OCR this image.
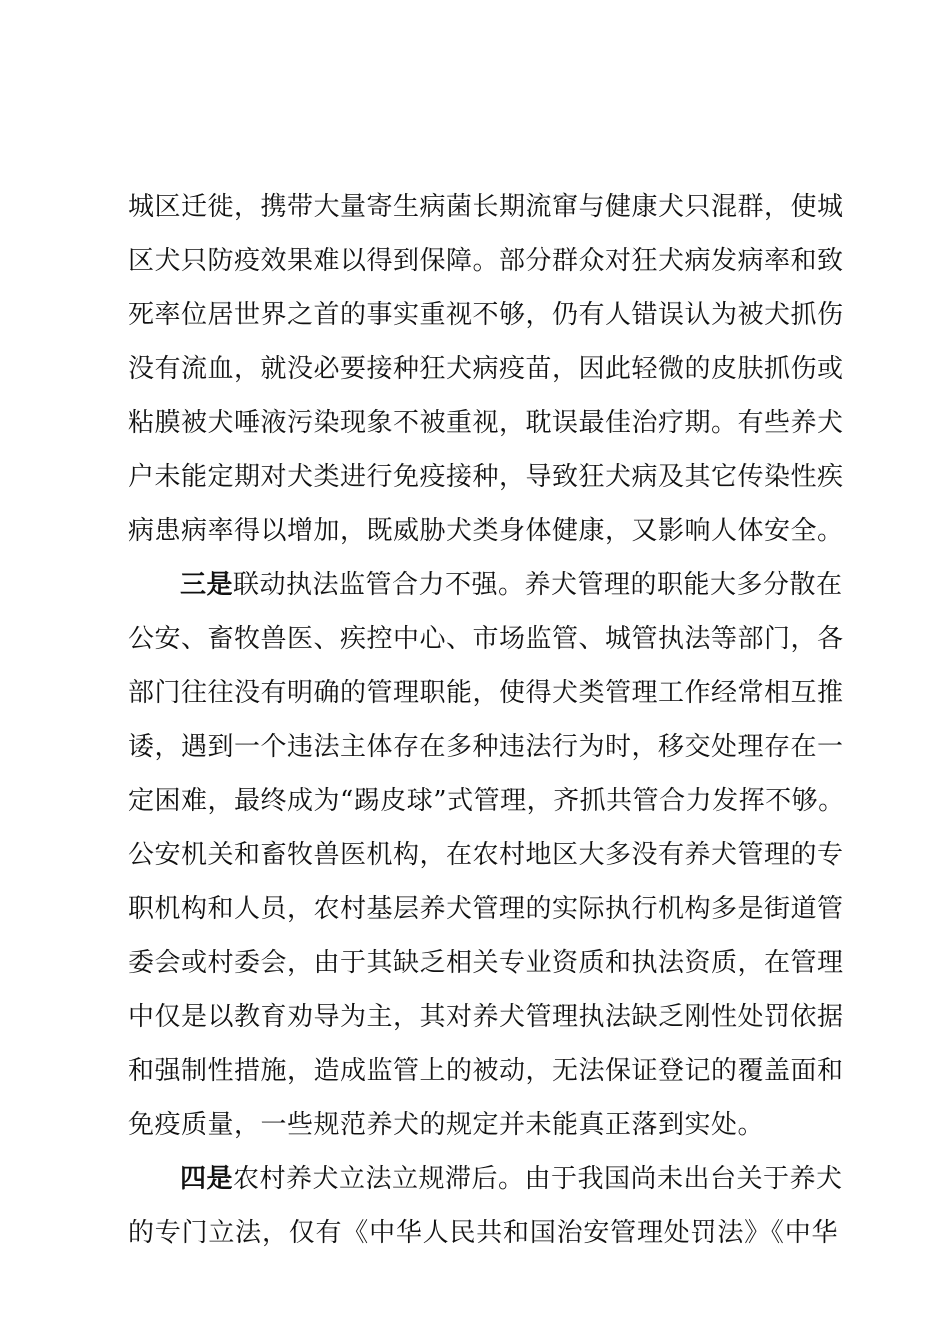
城区迁徙，携带大量寄生病菌长期流窜与健康犬只混群，使城
区犬只防疫效果难以得到保障。部分群众对狂犬病发病率和致
死率位居世界之首的事实重视不够，仍有人错误认为被犬抓伤
没有流血，就没必要接种狂犬病疫苗，因此轻微的皮肤抓伤或
粘膜被犬唾液污染现象不被重视，耽误最佳治疗期。有些养犬
户未能定期对犬类进行免疫接种，导致狂犬病及其它传染性疾
病患病率得以增加，既威胁犬类身体健康，又影响人体安全。
三是联动执法监管合力不强。养犬管理的职能大多分散在
公安、畜牧兽医、疾控中心、市场监管、城管执法等部门，各
部门往往没有明确的管理职能，使得犬类管理工作经常相互推
诿，遇到一个违法主体存在多种违法行为时，移交处理存在一
定困难，最终成为“踢皮球”式管理，齐抓共管合力发挥不够。
公安机关和畜牧兽医机构，在农村地区大多没有养犬管理的专
职机构和人员，农村基层养犬管理的实际执行机构多是街道管
委会或村委会，由于其缺乏相关专业资质和执法资质，在管理
中仅是以教育劝导为主，其对养犬管理执法缺乏刚性处罚依据
和强制性措施，造成监管上的被动，无法保证登记的覆盖面和
免疫质量，一些规范养犬的规定并未能真正落到实处。
四是农村养犬立法立规滞后。由于我国尚未出台关于养犬
的专门立法，仅有《中华人民共和国治安管理处罚法》《中华
